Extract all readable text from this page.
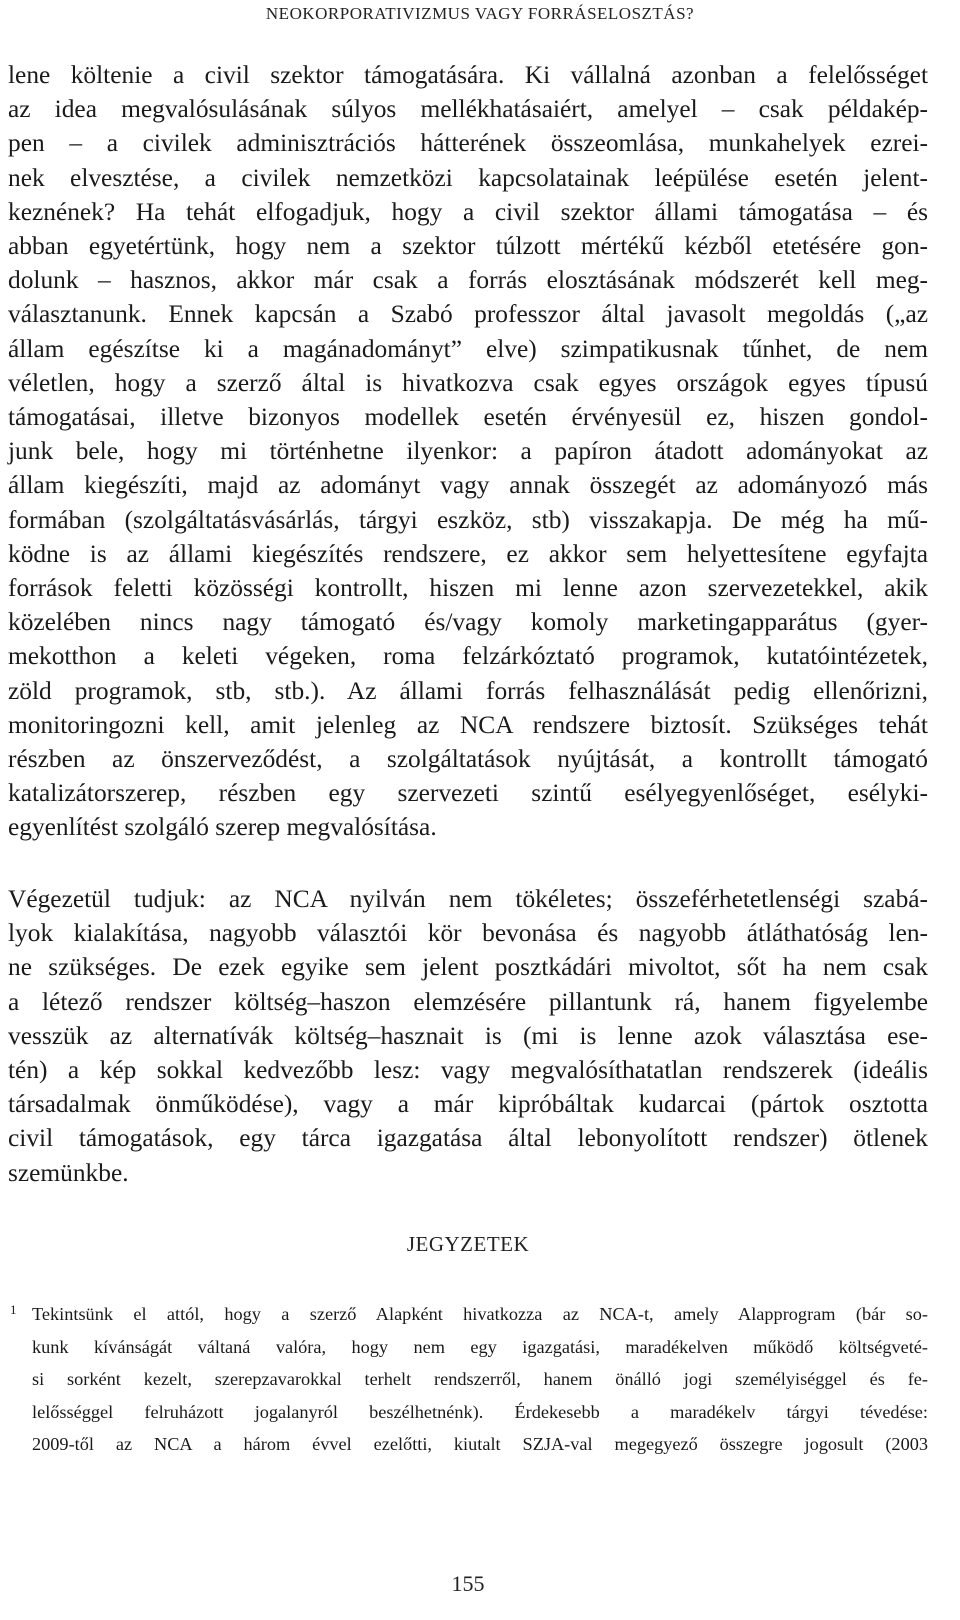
NEOKORPORATIVIZMUS VAGY FORRÁSELOSZTÁS?
lene költenie a civil szektor támogatására. Ki vállalná azonban a felelősséget
az idea megvalósulásának súlyos mellékhatásaiért, amelyel – csak példakép-
pen – a civilek adminisztrációs hátterének összeomlása, munkahelyek ezrei-
nek elvesztése, a civilek nemzetközi kapcsolatainak leépülése esetén jelent-
keznének? Ha tehát elfogadjuk, hogy a civil szektor állami támogatása – és
abban egyetértünk, hogy nem a szektor túlzott mértékű kézből etetésére gon-
dolunk – hasznos, akkor már csak a forrás elosztásának módszerét kell meg-
választanunk. Ennek kapcsán a Szabó professzor által javasolt megoldás („az
állam egészítse ki a magánadományt” elve) szimpatikusnak tűnhet, de nem
véletlen, hogy a szerző által is hivatkozva csak egyes országok egyes típusú
támogatásai, illetve bizonyos modellek esetén érvényesül ez, hiszen gondol-
junk bele, hogy mi történhetne ilyenkor: a papíron átadott adományokat az
állam kiegészíti, majd az adományt vagy annak összegét az adományozó más
formában (szolgáltatásvásárlás, tárgyi eszköz, stb) visszakapja. De még ha mű-
ködne is az állami kiegészítés rendszere, ez akkor sem helyettesítene egyfajta
források feletti közösségi kontrollt, hiszen mi lenne azon szervezetekkel, akik
közelében nincs nagy támogató és/vagy komoly marketingapparátus (gyer-
mekotthon a keleti végeken, roma felzárkóztató programok, kutatóintézetek,
zöld programok, stb, stb.). Az állami forrás felhasználását pedig ellenőrizni,
monitoringozni kell, amit jelenleg az NCA rendszere biztosít. Szükséges tehát
részben az önszerveződést, a szolgáltatások nyújtását, a kontrollt támogató
katalizátorszerep, részben egy szervezeti szintű esélyegyenlőséget, esélyki-
egyenlítést szolgáló szerep megvalósítása.
Végezetül tudjuk: az NCA nyilván nem tökéletes; összeférhetetlenségi szabá-
lyok kialakítása, nagyobb választói kör bevonása és nagyobb átláthatóság len-
ne szükséges. De ezek egyike sem jelent posztkádári mivoltot, sőt ha nem csak
a létező rendszer költség–haszon elemzésére pillantunk rá, hanem figyelembe
vesszük az alternatívák költség–hasznait is (mi is lenne azok választása ese-
tén) a kép sokkal kedvezőbb lesz: vagy megvalósíthatatlan rendszerek (ideális
társadalmak önműködése), vagy a már kipróbáltak kudarcai (pártok osztotta
civil támogatások, egy tárca igazgatása által lebonyolított rendszer) ötlenek
szemünkbe.
JEGYZETEK
1 Tekintsünk el attól, hogy a szerző Alapként hivatkozza az NCA-t, amely Alapprogram (bár so-
kunk kívánságát váltaná valóra, hogy nem egy igazgatási, maradékelven működő költségveté-
si sorként kezelt, szerepzavarokkal terhelt rendszerről, hanem önálló jogi személyiséggel és fe-
lelősséggel felruházott jogalanyról beszélhetnénk). Érdekesebb a maradékelv tárgyi tévedése:
2009-től az NCA a három évvel ezelőtti, kiutalt SZJA-val megegyező összegre jogosult (2003
155
